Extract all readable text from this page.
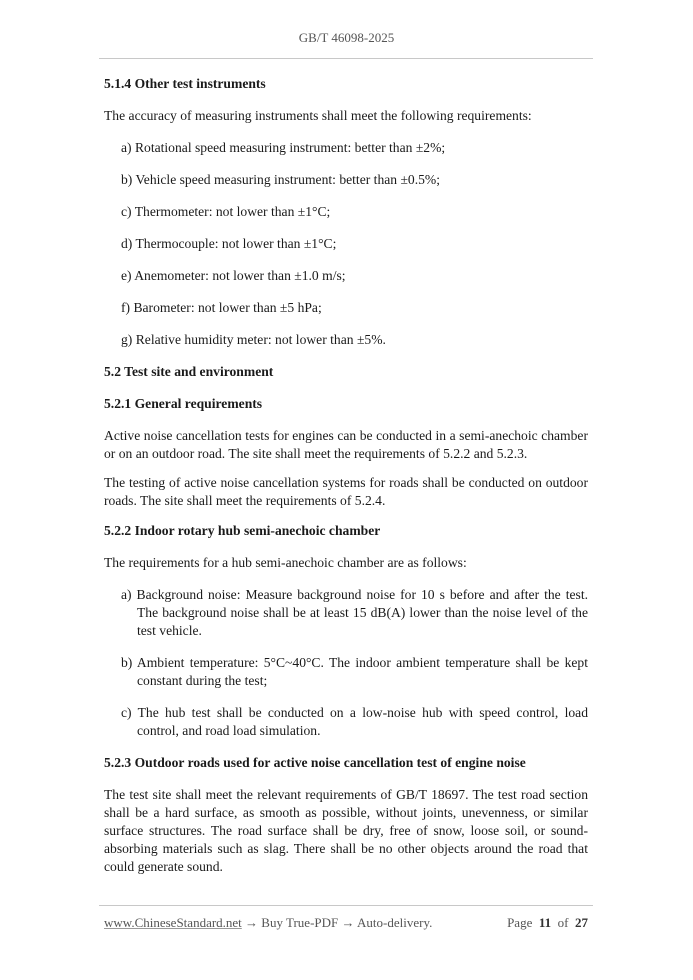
GB/T 46098-2025

5.1.4 Other test instruments

The accuracy of measuring instruments shall meet the following requirements:

a) Rotational speed measuring instrument: better than ±2%;

b) Vehicle speed measuring instrument: better than ±0.5%;

c) Thermometer: not lower than ±1°C;

d) Thermocouple: not lower than ±1°C;

e) Anemometer: not lower than ±1.0 m/s;

f) Barometer: not lower than ±5 hPa;

g) Relative humidity meter: not lower than ±5%.

5.2 Test site and environment

5.2.1 General requirements

Active noise cancellation tests for engines can be conducted in a semi-anechoic chamber or on an outdoor road. The site shall meet the requirements of 5.2.2 and 5.2.3.

The testing of active noise cancellation systems for roads shall be conducted on outdoor roads. The site shall meet the requirements of 5.2.4.

5.2.2 Indoor rotary hub semi-anechoic chamber

The requirements for a hub semi-anechoic chamber are as follows:

a) Background noise: Measure background noise for 10 s before and after the test. The background noise shall be at least 15 dB(A) lower than the noise level of the test vehicle.

b) Ambient temperature: 5°C~40°C. The indoor ambient temperature shall be kept constant during the test;

c) The hub test shall be conducted on a low-noise hub with speed control, load control, and road load simulation.

5.2.3 Outdoor roads used for active noise cancellation test of engine noise

The test site shall meet the relevant requirements of GB/T 18697. The test road section shall be a hard surface, as smooth as possible, without joints, unevenness, or similar surface structures. The road surface shall be dry, free of snow, loose soil, or sound-absorbing materials such as slag. There shall be no other objects around the road that could generate sound.

www.ChineseStandard.net → Buy True-PDF → Auto-delivery.	Page 11 of 27
